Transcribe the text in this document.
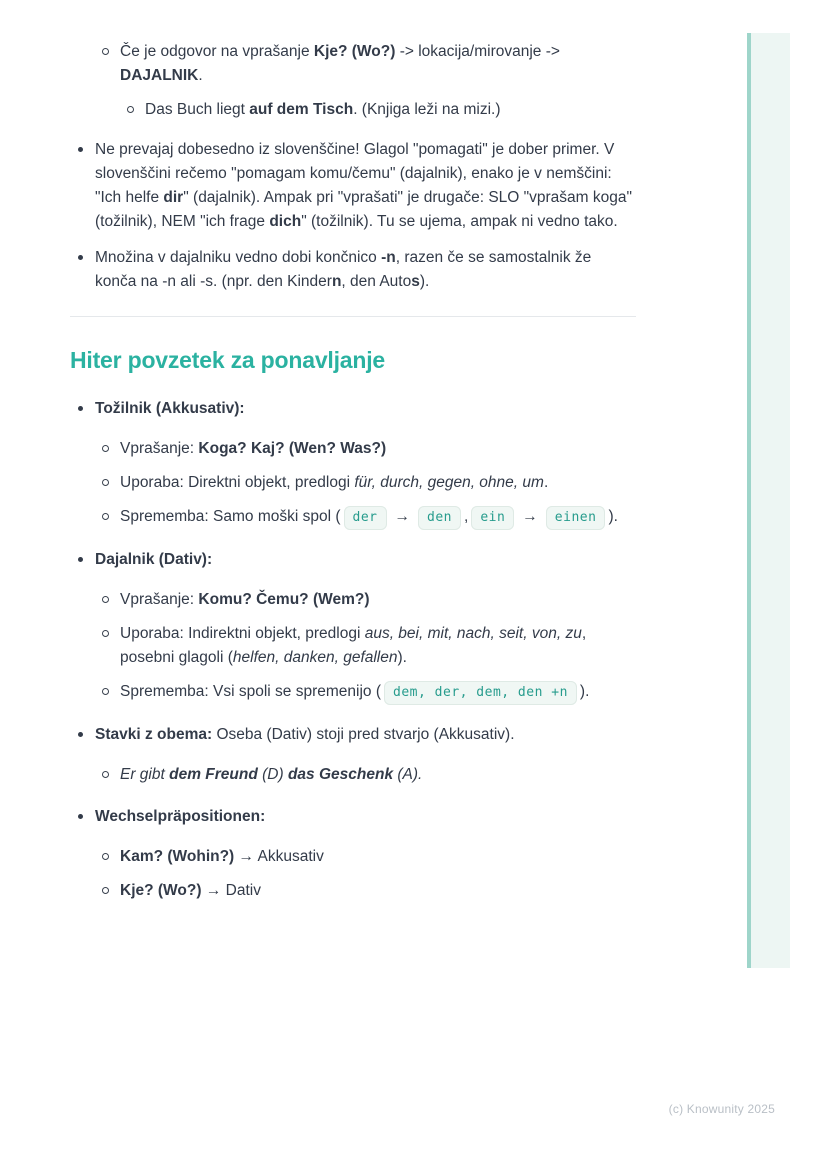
Če je odgovor na vprašanje Kje? (Wo?) -> lokacija/mirovanje -> DAJALNIK.
Das Buch liegt auf dem Tisch. (Knjiga leži na mizi.)
Ne prevajaj dobesedno iz slovenščine! Glagol "pomagati" je dober primer. V slovenščini rečemo "pomagam komu/čemu" (dajalnik), enako je v nemščini: "Ich helfe dir" (dajalnik). Ampak pri "vprašati" je drugače: SLO "vprašam koga" (tožilnik), NEM "ich frage dich" (tožilnik). Tu se ujema, ampak ni vedno tako.
Množina v dajalniku vedno dobi končnico -n, razen če se samostalnik že konča na -n ali -s. (npr. den Kindern, den Autos).
Hiter povzetek za ponavljanje
Tožilnik (Akkusativ):
Vprašanje: Koga? Kaj? (Wen? Was?)
Uporaba: Direktni objekt, predlogi für, durch, gegen, ohne, um.
Sprememba: Samo moški spol ( der → den , ein → einen ).
Dajalnik (Dativ):
Vprašanje: Komu? Čemu? (Wem?)
Uporaba: Indirektni objekt, predlogi aus, bei, mit, nach, seit, von, zu, posebni glagoli (helfen, danken, gefallen).
Sprememba: Vsi spoli se spremenijo ( dem, der, dem, den +n ).
Stavki z obema: Oseba (Dativ) stoji pred stvarjo (Akkusativ).
Er gibt dem Freund (D) das Geschenk (A).
Wechselpräpositionen:
Kam? (Wohin?) → Akkusativ
Kje? (Wo?) → Dativ
(c) Knowunity 2025
